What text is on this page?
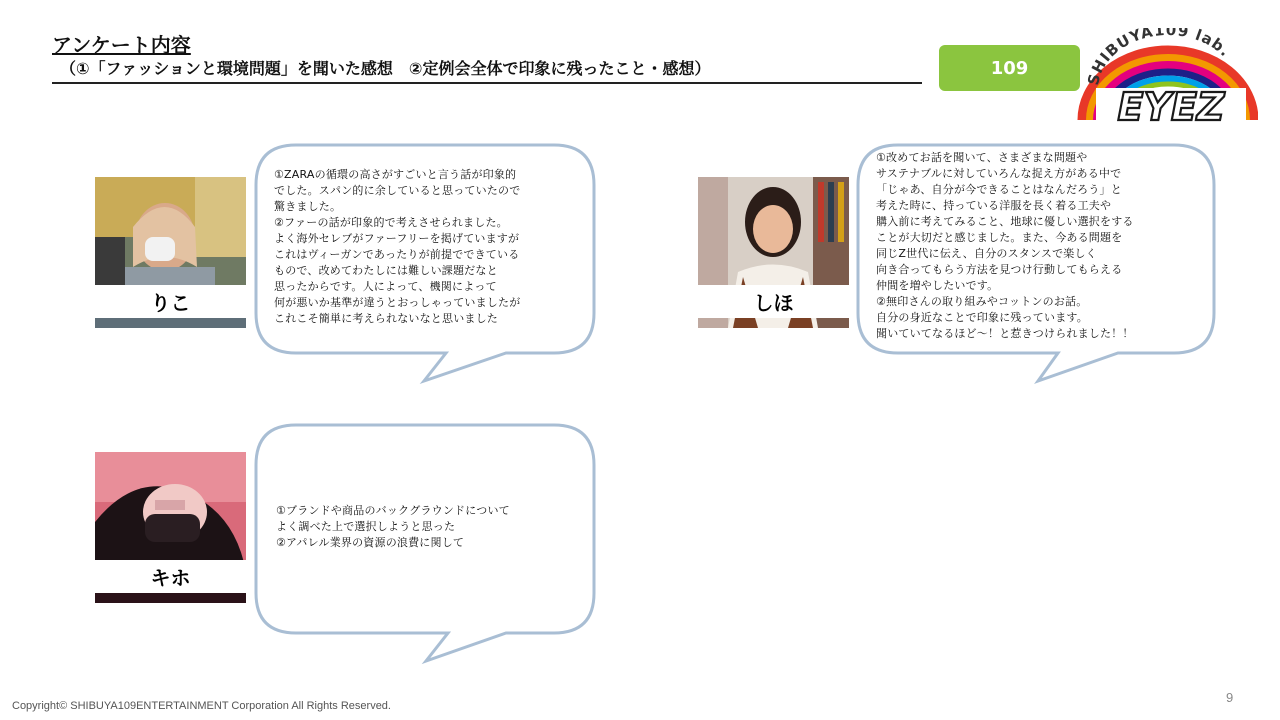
アンケート内容
（①「ファッションと環境問題」を聞いた感想　②定例会全体で印象に残ったこと・感想）	109
SHIBUYA109 lab.
EYEZ
りこ
①ZARAの循環の高さがすごいと言う話が印象的
でした。スパン的に余していると思っていたので
驚きました。
②ファーの話が印象的で考えさせられました。
よく海外セレブがファーフリーを掲げていますが
これはヴィーガンであったりが前提でできている
もので、改めてわたしには難しい課題だなと
思ったからです。人によって、機関によって
何が悪いか基準が違うとおっしゃっていましたが
これこそ簡単に考えられないなと思いました
しほ
①改めてお話を聞いて、さまざまな問題や
サステナブルに対していろんな捉え方がある中で
「じゃあ、自分が今できることはなんだろう」と
考えた時に、持っている洋服を長く着る工夫や
購入前に考えてみること、地球に優しい選択をする
ことが大切だと感じました。また、今ある問題を
同じZ世代に伝え、自分のスタンスで楽しく
向き合ってもらう方法を見つけ行動してもらえる
仲間を増やしたいです。
②無印さんの取り組みやコットンのお話。
自分の身近なことで印象に残っています。
聞いていてなるほど～！と惹きつけられました！！
キホ
①ブランドや商品のバックグラウンドについて
よく調べた上で選択しようと思った
②アパレル業界の資源の浪費に関して
Copyright© SHIBUYA109ENTERTAINMENT Corporation All Rights Reserved.
9
